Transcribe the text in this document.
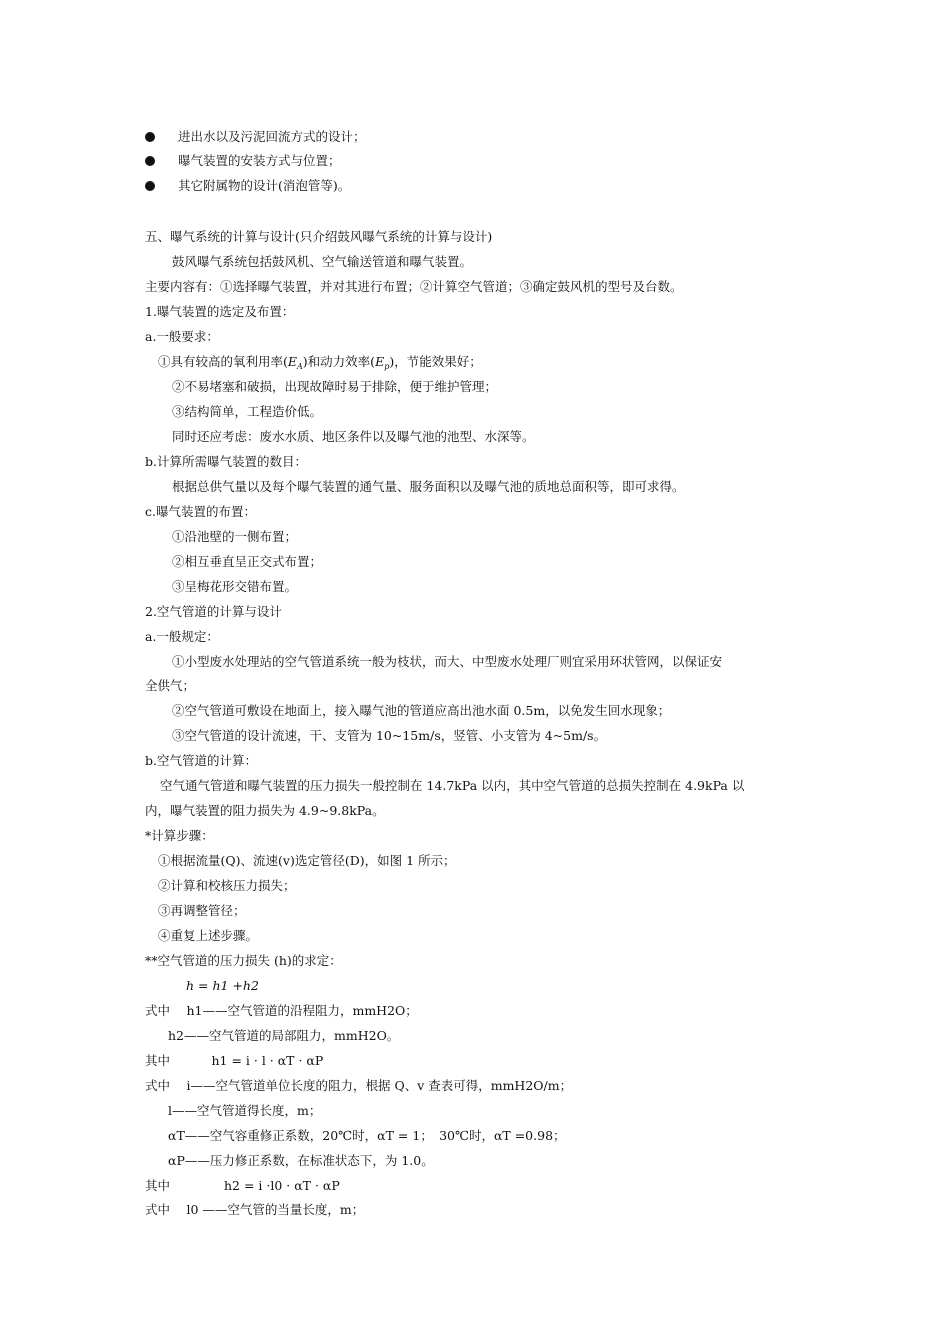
进出水以及污泥回流方式的设计；
曝气装置的安装方式与位置；
其它附属物的设计(消泡管等)。
五、曝气系统的计算与设计(只介绍鼓风曝气系统的计算与设计)
鼓风曝气系统包括鼓风机、空气输送管道和曝气装置。
主要内容有：①选择曝气装置，并对其进行布置；②计算空气管道；③确定鼓风机的型号及台数。
1.曝气装置的选定及布置：
a.一般要求：
①具有较高的氧利用率$(E_A)$和动力效率$(E_p)$，节能效果好；
②不易堵塞和破损，出现故障时易于排除，便于维护管理；
③结构简单，工程造价低。
同时还应考虑：废水水质、地区条件以及曝气池的池型、水深等。
b.计算所需曝气装置的数目：
根据总供气量以及每个曝气装置的通气量、服务面积以及曝气池的质地总面积等，即可求得。
c.曝气装置的布置：
①沿池壁的一侧布置；
②相互垂直呈正交式布置；
③呈梅花形交错布置。
2.空气管道的计算与设计
a.一般规定：
①小型废水处理站的空气管道系统一般为枝状，而大、中型废水处理厂则宜采用环状管网，以保证安
全供气；
②空气管道可敷设在地面上，接入曝气池的管道应高出池水面 0.5m，以免发生回水现象；
③空气管道的设计流速，干、支管为 10~15m/s，竖管、小支管为 4~5m/s。
b.空气管道的计算：
空气通气管道和曝气装置的压力损失一般控制在 14.7kPa 以内，其中空气管道的总损失控制在 4.9kPa 以
内，曝气装置的阻力损失为 4.9~9.8kPa。
*计算步骤：
①根据流量(Q)、流速(v)选定管径(D)，如图 1 所示；
②计算和校核压力损失；
③再调整管径；
④重复上述步骤。
**空气管道的压力损失 (h)的求定：
h = h1 +h2
式中　 h1——空气管道的沿程阻力，mmH2O；
h2——空气管道的局部阻力，mmH2O。
其中　　　 h1 = i · l · αT · αP
式中　 i——空气管道单位长度的阻力，根据 Q、v 查表可得，mmH2O/m；
l——空气管道得长度，m；
αT——空气容重修正系数，20℃时，αT = 1；　30℃时，αT =0.98；
αP——压力修正系数，在标准状态下，为 1.0。
其中　　　　 h2 = i ·l0 · αT · αP
式中　 l0 ——空气管的当量长度，m；
